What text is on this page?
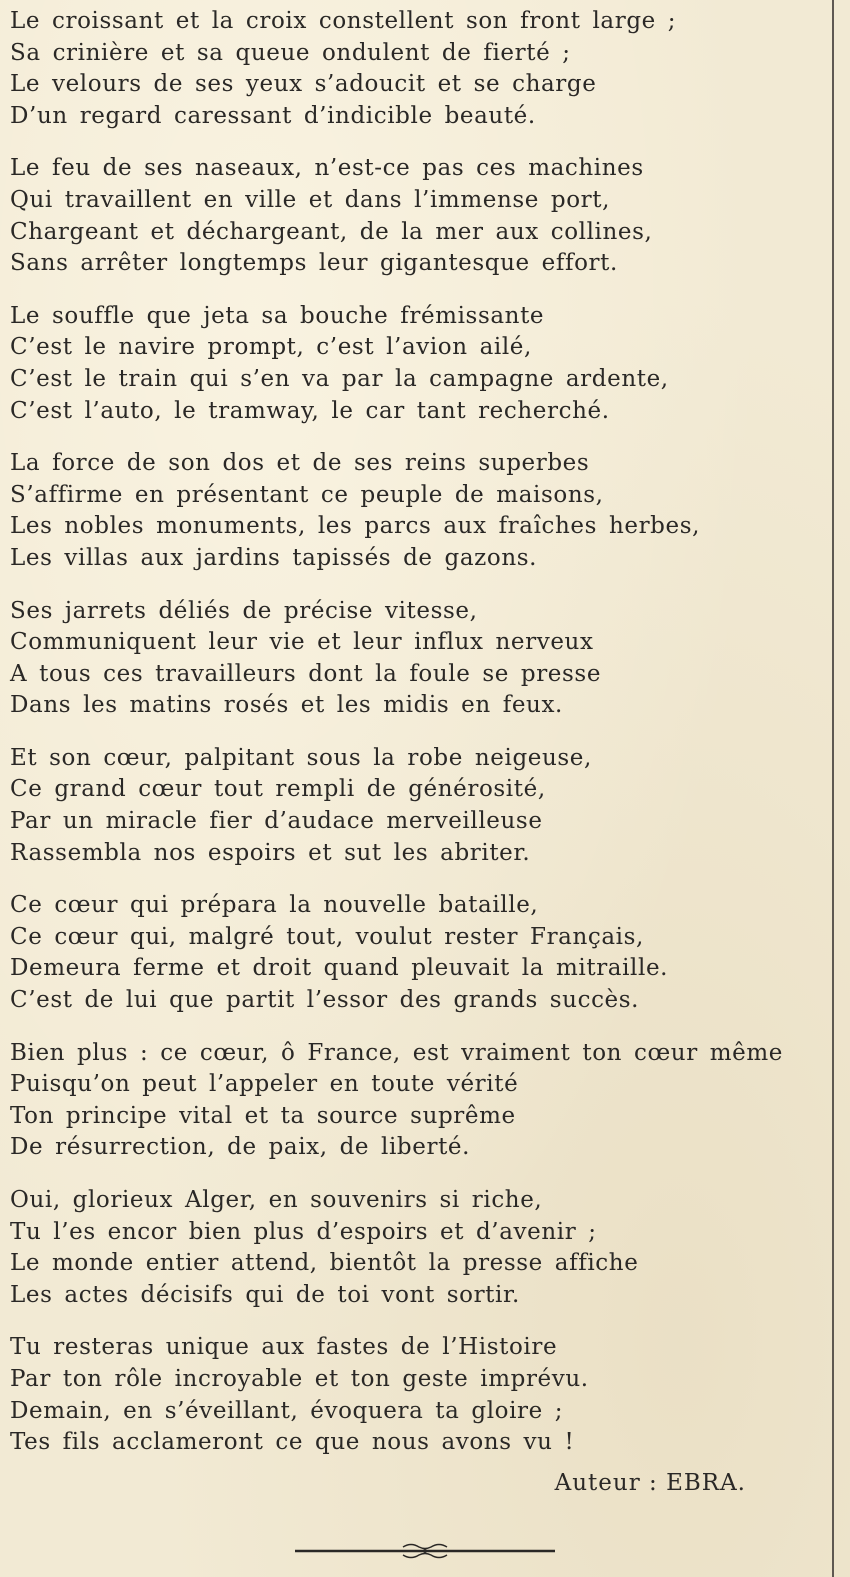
Le croissant et la croix constellent son front large ;
Sa crinière et sa queue ondulent de fierté ;
Le velours de ses yeux s’adoucit et se charge
D’un regard caressant d’indicible beauté.
Le feu de ses naseaux, n’est-ce pas ces machines
Qui travaillent en ville et dans l’immense port,
Chargeant et déchargeant, de la mer aux collines,
Sans arrêter longtemps leur gigantesque effort.
Le souffle que jeta sa bouche frémissante
C’est le navire prompt, c’est l’avion ailé,
C’est le train qui s’en va par la campagne ardente,
C’est l’auto, le tramway, le car tant recherché.
La force de son dos et de ses reins superbes
S’affirme en présentant ce peuple de maisons,
Les nobles monuments, les parcs aux fraîches herbes,
Les villas aux jardins tapissés de gazons.
Ses jarrets déliés de précise vitesse,
Communiquent leur vie et leur influx nerveux
A tous ces travailleurs dont la foule se presse
Dans les matins rosés et les midis en feux.
Et son cœur, palpitant sous la robe neigeuse,
Ce grand cœur tout rempli de générosité,
Par un miracle fier d’audace merveilleuse
Rassembla nos espoirs et sut les abriter.
Ce cœur qui prépara la nouvelle bataille,
Ce cœur qui, malgré tout, voulut rester Français,
Demeura ferme et droit quand pleuvait la mitraille.
C’est de lui que partit l’essor des grands succès.
Bien plus : ce cœur, ô France, est vraiment ton cœur même
Puisqu’on peut l’appeler en toute vérité
Ton principe vital et ta source suprême
De résurrection, de paix, de liberté.
Oui, glorieux Alger, en souvenirs si riche,
Tu l’es encor bien plus d’espoirs et d’avenir ;
Le monde entier attend, bientôt la presse affiche
Les actes décisifs qui de toi vont sortir.
Tu resteras unique aux fastes de l’Histoire
Par ton rôle incroyable et ton geste imprévu.
Demain, en s’éveillant, évoquera ta gloire ;
Tes fils acclameront ce que nous avons vu !
Auteur : EBRA.
